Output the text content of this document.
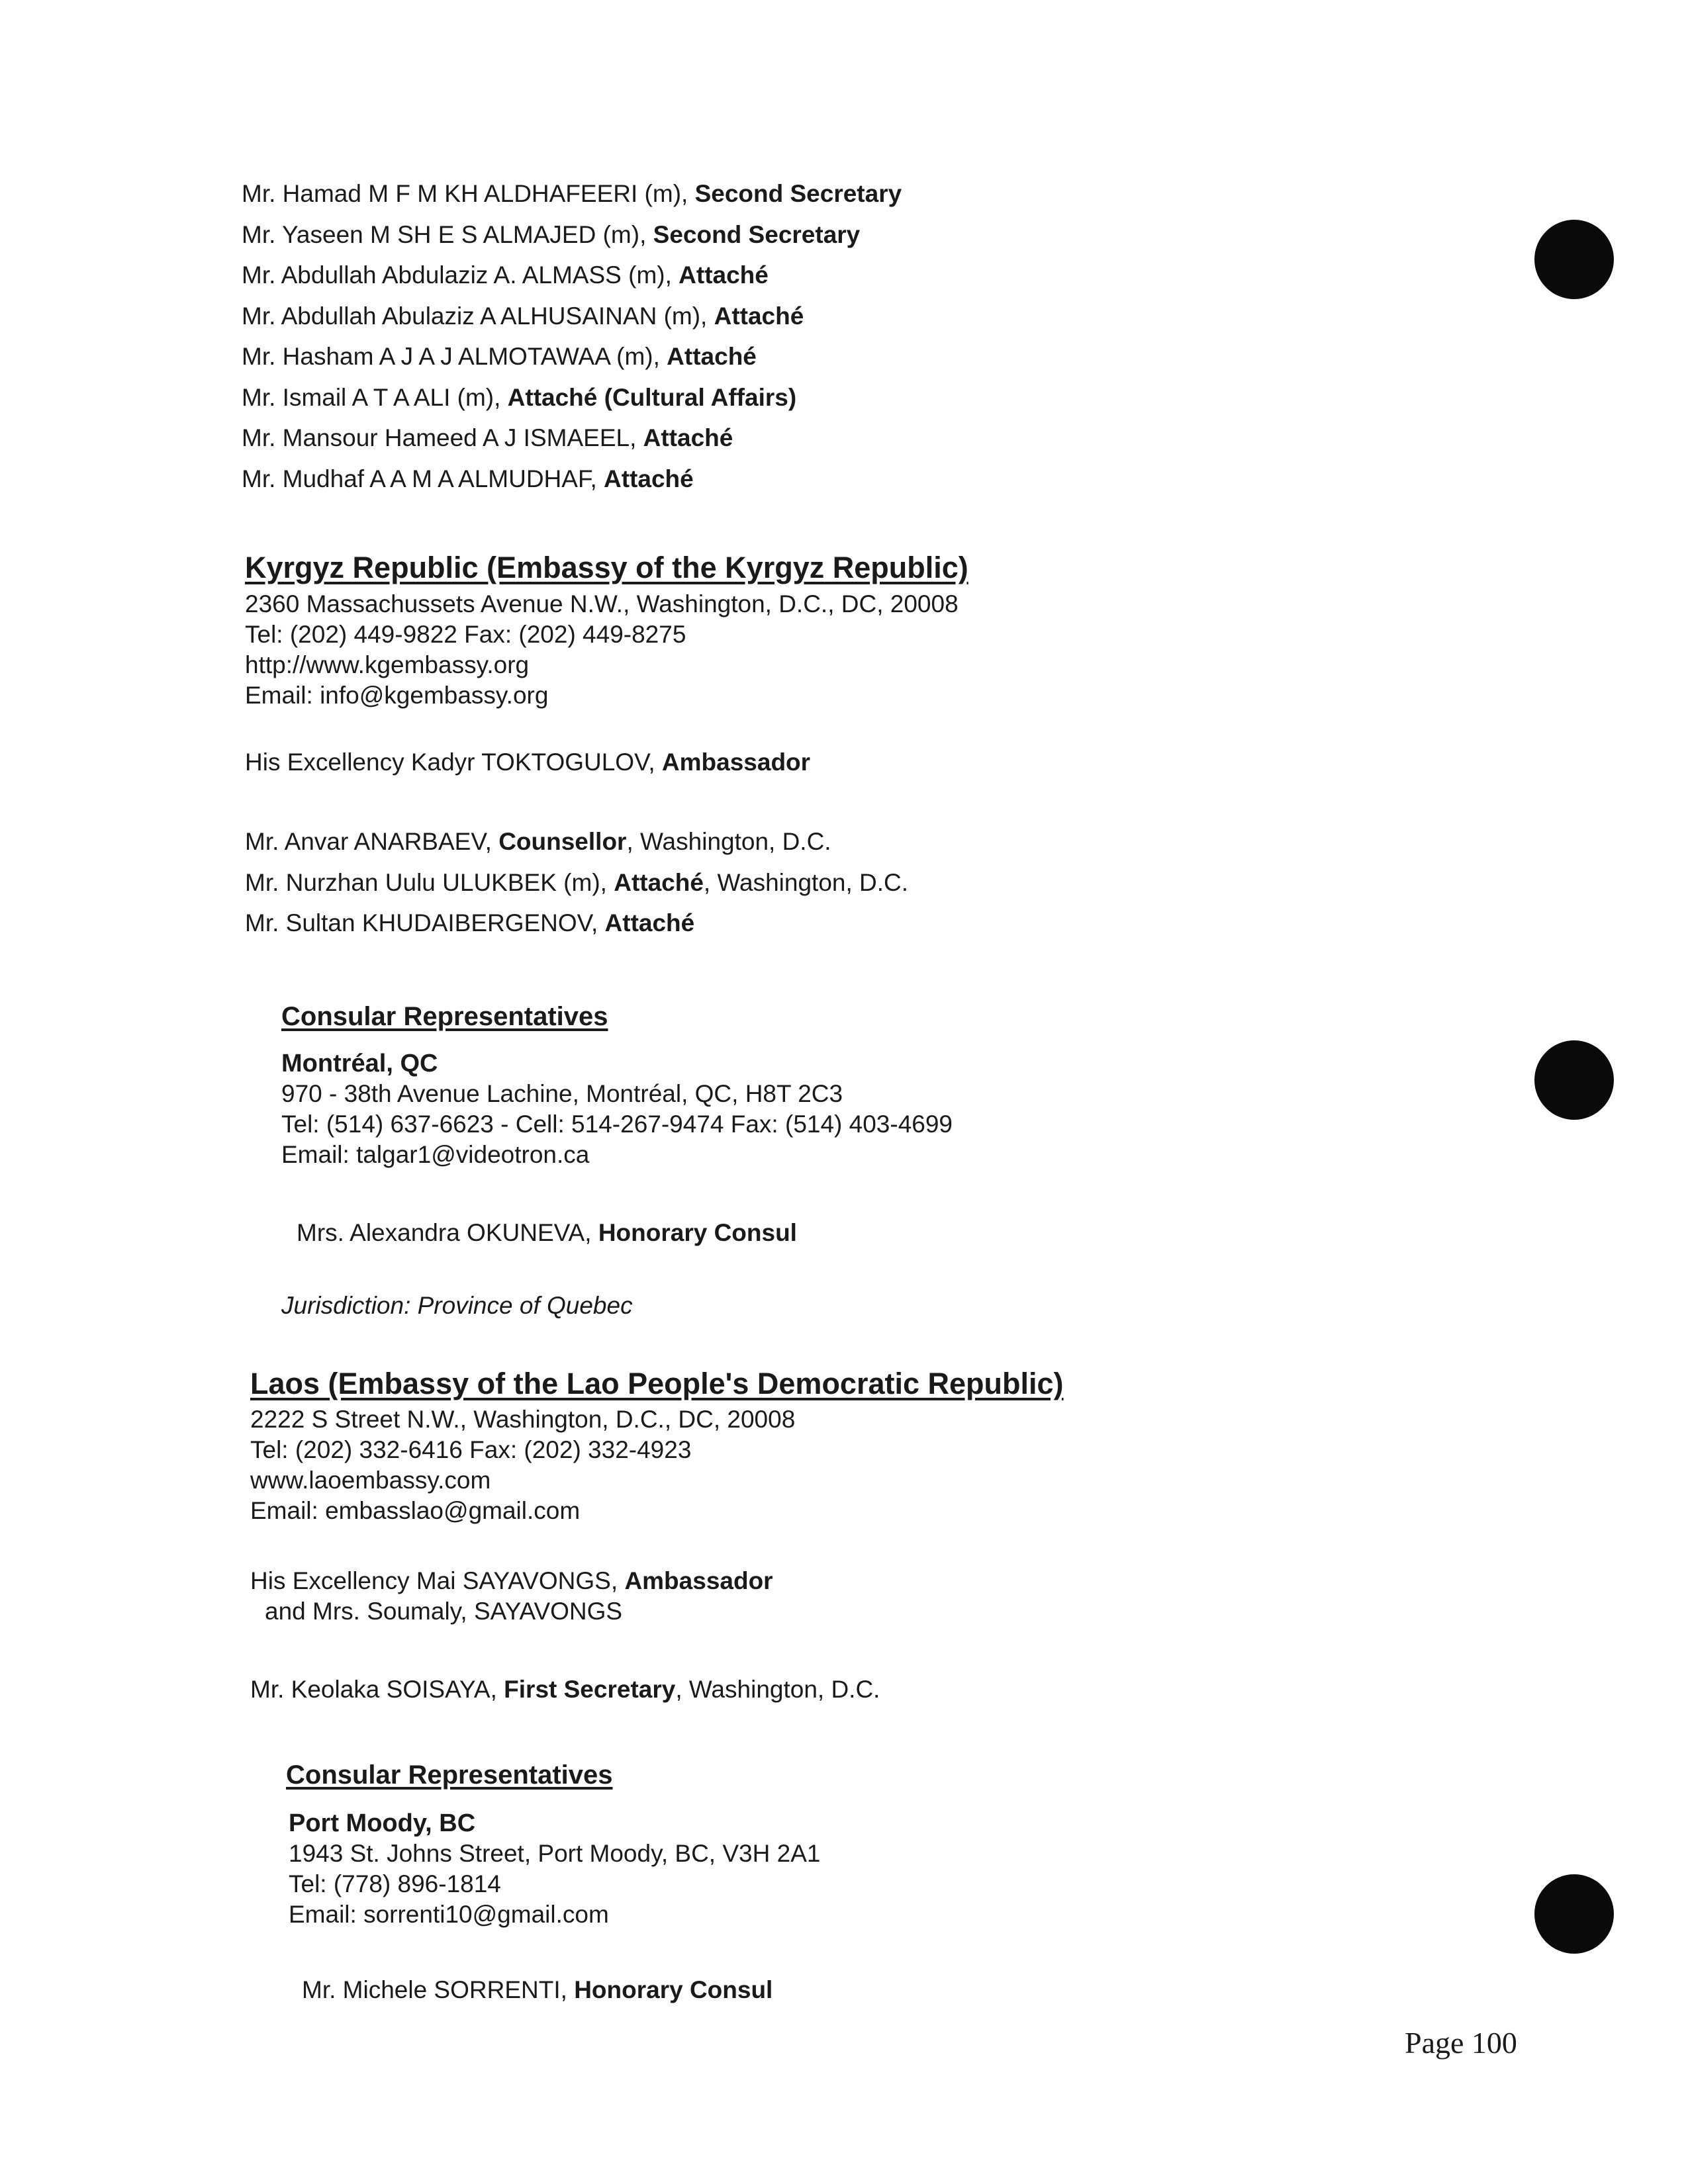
Mr. Hamad M F M KH ALDHAFEERI (m), Second Secretary
Mr. Yaseen M SH E S ALMAJED (m), Second Secretary
Mr. Abdullah Abdulaziz A. ALMASS (m), Attaché
Mr. Abdullah Abulaziz A ALHUSAINAN (m), Attaché
Mr. Hasham A J A J ALMOTAWAA (m), Attaché
Mr. Ismail A T A ALI (m), Attaché (Cultural Affairs)
Mr. Mansour Hameed A J ISMAEEL, Attaché
Mr. Mudhaf A A M A ALMUDHAF, Attaché
Kyrgyz Republic (Embassy of the Kyrgyz Republic)
2360 Massachussets Avenue N.W., Washington, D.C., DC, 20008
Tel: (202) 449-9822 Fax: (202) 449-8275
http://www.kgembassy.org
Email: info@kgembassy.org
His Excellency Kadyr TOKTOGULOV, Ambassador
Mr. Anvar ANARBAEV, Counsellor, Washington, D.C.
Mr. Nurzhan Uulu ULUKBEK (m), Attaché, Washington, D.C.
Mr. Sultan KHUDAIBERGENOV, Attaché
Consular Representatives
Montréal, QC
970 - 38th Avenue Lachine, Montréal, QC, H8T 2C3
Tel: (514) 637-6623 - Cell: 514-267-9474 Fax: (514) 403-4699
Email: talgar1@videotron.ca
Mrs. Alexandra OKUNEVA, Honorary Consul
Jurisdiction: Province of Quebec
Laos (Embassy of the Lao People's Democratic Republic)
2222 S Street N.W., Washington, D.C., DC, 20008
Tel: (202) 332-6416 Fax: (202) 332-4923
www.laoembassy.com
Email: embasslao@gmail.com
His Excellency Mai SAYAVONGS, Ambassador
and Mrs. Soumaly, SAYAVONGS
Mr. Keolaka SOISAYA, First Secretary, Washington, D.C.
Consular Representatives
Port Moody, BC
1943 St. Johns Street, Port Moody, BC, V3H 2A1
Tel: (778) 896-1814
Email: sorrenti10@gmail.com
Mr. Michele SORRENTI, Honorary Consul
Page 100
